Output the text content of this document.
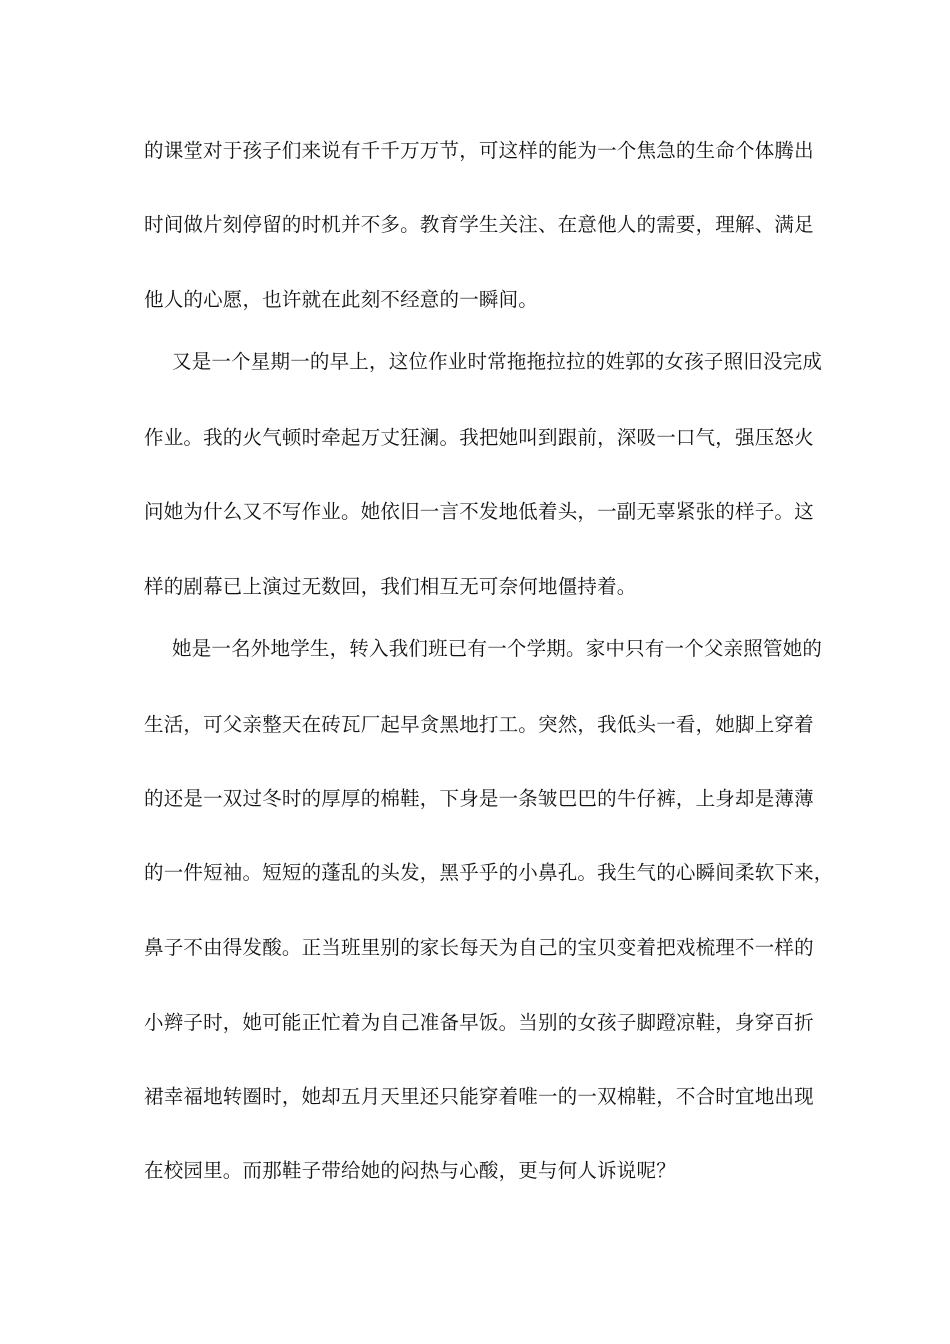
的课堂对于孩子们来说有千千万万节，可这样的能为一个焦急的生命个体腾出
时间做片刻停留的时机并不多。教育学生关注、在意他人的需要，理解、满足
他人的心愿，也许就在此刻不经意的一瞬间。
又是一个星期一的早上，这位作业时常拖拖拉拉的姓郭的女孩子照旧没完成
作业。我的火气顿时牵起万丈狂澜。我把她叫到跟前，深吸一口气，强压怒火
问她为什么又不写作业。她依旧一言不发地低着头，一副无辜紧张的样子。这
样的剧幕已上演过无数回，我们相互无可奈何地僵持着。
她是一名外地学生，转入我们班已有一个学期。家中只有一个父亲照管她的
生活，可父亲整天在砖瓦厂起早贪黑地打工。突然，我低头一看，她脚上穿着
的还是一双过冬时的厚厚的棉鞋，下身是一条皱巴巴的牛仔裤，上身却是薄薄
的一件短袖。短短的蓬乱的头发，黑乎乎的小鼻孔。我生气的心瞬间柔软下来，
鼻子不由得发酸。正当班里别的家长每天为自己的宝贝变着把戏梳理不一样的
小辫子时，她可能正忙着为自己准备早饭。当别的女孩子脚蹬凉鞋，身穿百折
裙幸福地转圈时，她却五月天里还只能穿着唯一的一双棉鞋，不合时宜地出现
在校园里。而那鞋子带给她的闷热与心酸，更与何人诉说呢？
